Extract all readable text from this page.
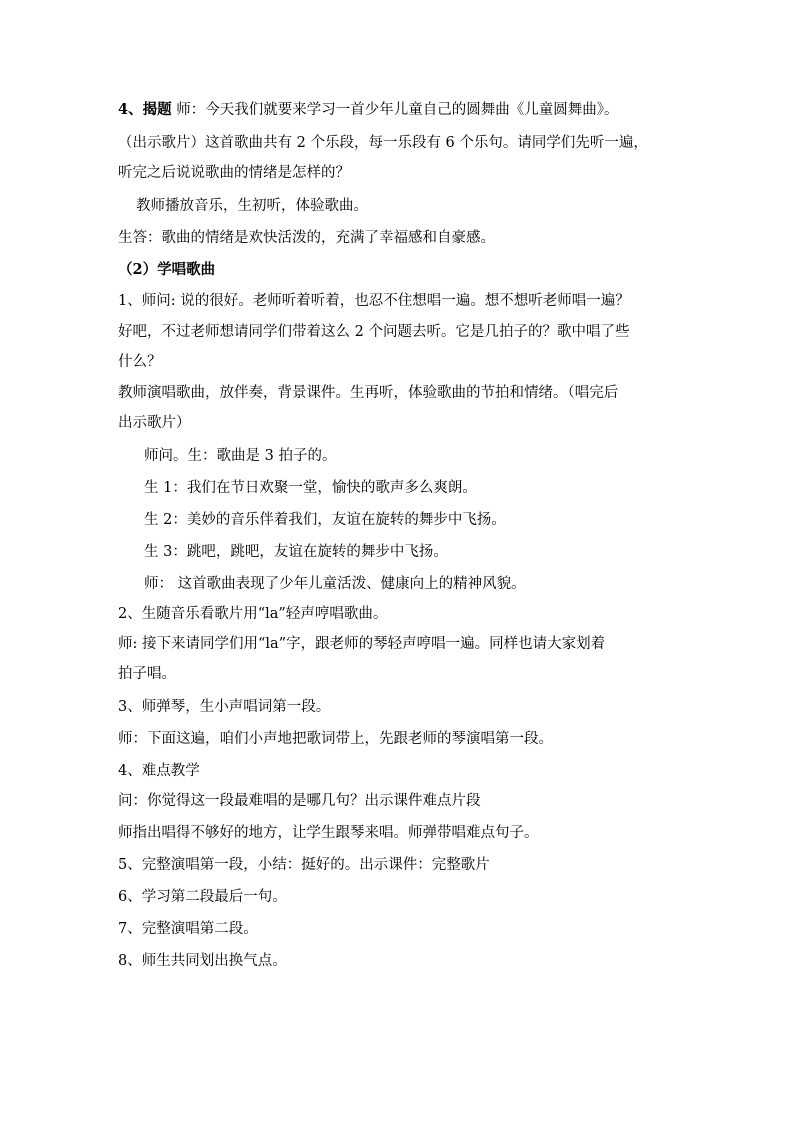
4、揭题 师：今天我们就要来学习一首少年儿童自己的圆舞曲《儿童圆舞曲》。
（出示歌片）这首歌曲共有 2 个乐段，每一乐段有 6 个乐句。请同学们先听一遍，
听完之后说说歌曲的情绪是怎样的？
教师播放音乐，生初听，体验歌曲。
生答：歌曲的情绪是欢快活泼的，充满了幸福感和自豪感。
（2）学唱歌曲
1、师问: 说的很好。老师听着听着，也忍不住想唱一遍。想不想听老师唱一遍？
好吧，不过老师想请同学们带着这么 2 个问题去听。它是几拍子的？歌中唱了些
什么？
教师演唱歌曲，放伴奏，背景课件。生再听，体验歌曲的节拍和情绪。（唱完后
出示歌片）
师问。生：歌曲是 3 拍子的。
生 1：我们在节日欢聚一堂，愉快的歌声多么爽朗。
生 2：美妙的音乐伴着我们，友谊在旋转的舞步中飞扬。
生 3：跳吧，跳吧，友谊在旋转的舞步中飞扬。
师： 这首歌曲表现了少年儿童活泼、健康向上的精神风貌。
2、生随音乐看歌片用“la”轻声哼唱歌曲。
师: 接下来请同学们用“la”字，跟老师的琴轻声哼唱一遍。同样也请大家划着
拍子唱。
3、师弹琴，生小声唱词第一段。
师：下面这遍，咱们小声地把歌词带上，先跟老师的琴演唱第一段。
4、难点教学
问：你觉得这一段最难唱的是哪几句？出示课件难点片段
师指出唱得不够好的地方，让学生跟琴来唱。师弹带唱难点句子。
5、完整演唱第一段，小结：挺好的。出示课件：完整歌片
6、学习第二段最后一句。
7、完整演唱第二段。
8、师生共同划出换气点。
